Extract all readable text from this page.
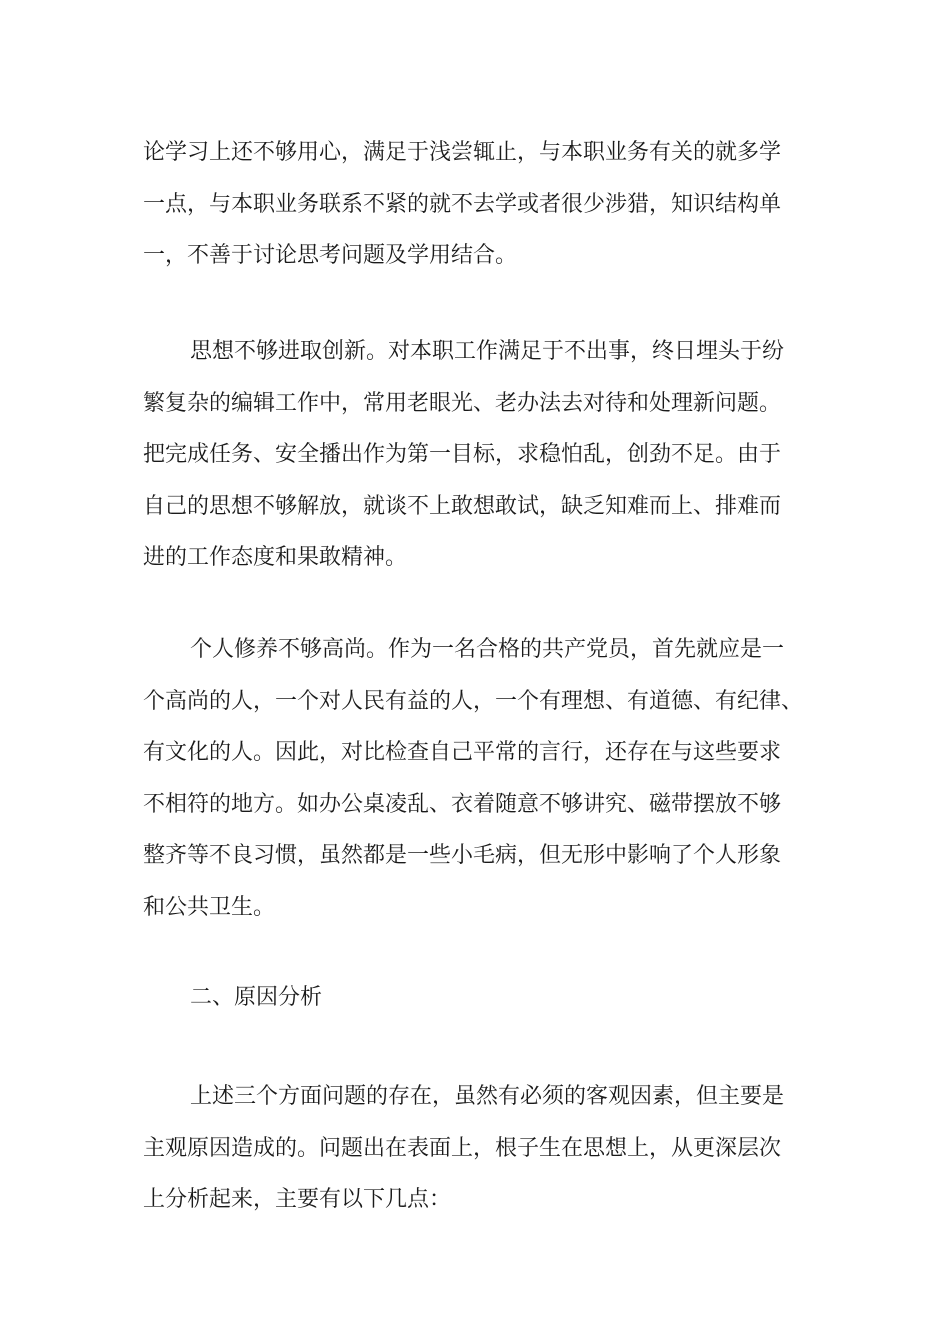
论学习上还不够用心，满足于浅尝辄止，与本职业务有关的就多学
一点，与本职业务联系不紧的就不去学或者很少涉猎，知识结构单
一，不善于讨论思考问题及学用结合。

思想不够进取创新。对本职工作满足于不出事，终日埋头于纷
繁复杂的编辑工作中，常用老眼光、老办法去对待和处理新问题。
把完成任务、安全播出作为第一目标，求稳怕乱，创劲不足。由于
自己的思想不够解放，就谈不上敢想敢试，缺乏知难而上、排难而
进的工作态度和果敢精神。

个人修养不够高尚。作为一名合格的共产党员，首先就应是一
个高尚的人，一个对人民有益的人，一个有理想、有道德、有纪律、
有文化的人。因此，对比检查自己平常的言行，还存在与这些要求
不相符的地方。如办公桌凌乱、衣着随意不够讲究、磁带摆放不够
整齐等不良习惯，虽然都是一些小毛病，但无形中影响了个人形象
和公共卫生。

二、原因分析

上述三个方面问题的存在，虽然有必须的客观因素，但主要是
主观原因造成的。问题出在表面上，根子生在思想上，从更深层次
上分析起来，主要有以下几点：
